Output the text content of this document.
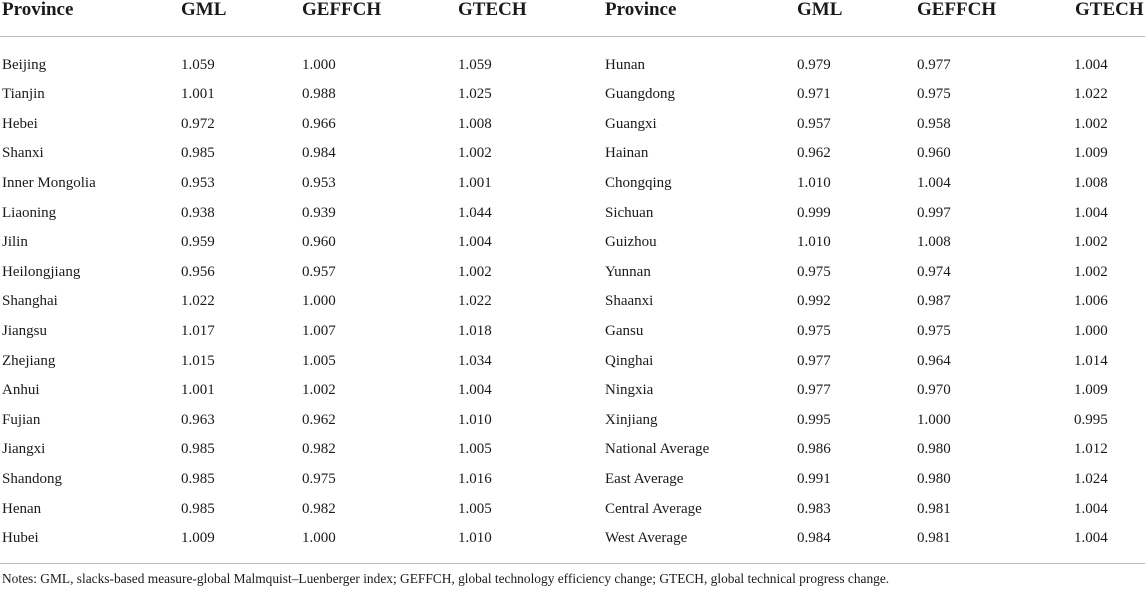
Province	GML	GEFFCH	GTECH	Province	GML	GEFFCH	GTECH
Beijing	1.059	1.000	1.059	Hunan	0.979	0.977	1.004
Tianjin	1.001	0.988	1.025	Guangdong	0.971	0.975	1.022
Hebei	0.972	0.966	1.008	Guangxi	0.957	0.958	1.002
Shanxi	0.985	0.984	1.002	Hainan	0.962	0.960	1.009
Inner Mongolia	0.953	0.953	1.001	Chongqing	1.010	1.004	1.008
Liaoning	0.938	0.939	1.044	Sichuan	0.999	0.997	1.004
Jilin	0.959	0.960	1.004	Guizhou	1.010	1.008	1.002
Heilongjiang	0.956	0.957	1.002	Yunnan	0.975	0.974	1.002
Shanghai	1.022	1.000	1.022	Shaanxi	0.992	0.987	1.006
Jiangsu	1.017	1.007	1.018	Gansu	0.975	0.975	1.000
Zhejiang	1.015	1.005	1.034	Qinghai	0.977	0.964	1.014
Anhui	1.001	1.002	1.004	Ningxia	0.977	0.970	1.009
Fujian	0.963	0.962	1.010	Xinjiang	0.995	1.000	0.995
Jiangxi	0.985	0.982	1.005	National Average	0.986	0.980	1.012
Shandong	0.985	0.975	1.016	East Average	0.991	0.980	1.024
Henan	0.985	0.982	1.005	Central Average	0.983	0.981	1.004
Hubei	1.009	1.000	1.010	West Average	0.984	0.981	1.004
Notes: GML, slacks-based measure-global Malmquist–Luenberger index; GEFFCH, global technology efficiency change; GTECH, global technical progress change.
